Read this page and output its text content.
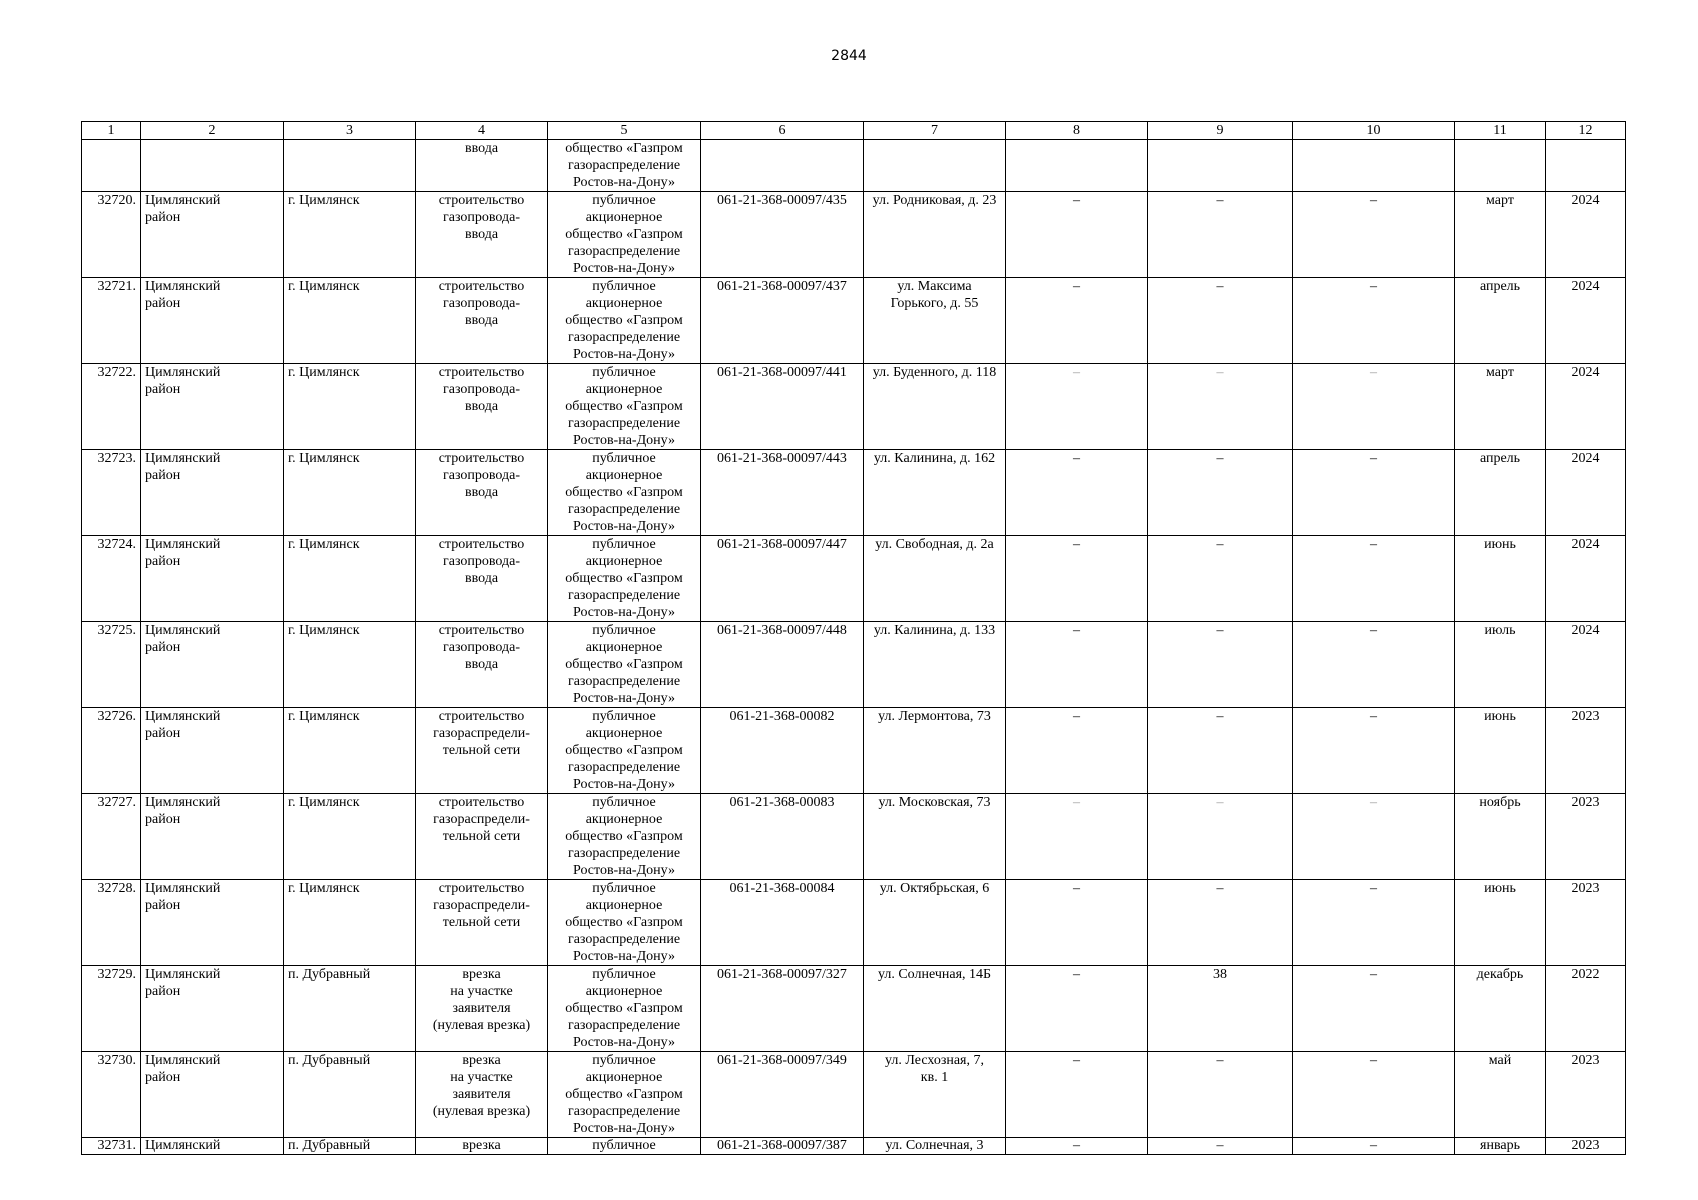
2844
1	2	3	4	5	6	7	8	9	10	11	12
			ввода	общество «Газпром
газораспределение
Ростов-на-Дону»							
32720.	Цимлянский
район	г. Цимлянск	строительство
газопровода-
ввода	публичное
акционерное
общество «Газпром
газораспределение
Ростов-на-Дону»	061-21-368-00097/435	ул. Родниковая, д. 23	–	–	–	март	2024
32721.	Цимлянский
район	г. Цимлянск	строительство
газопровода-
ввода	публичное
акционерное
общество «Газпром
газораспределение
Ростов-на-Дону»	061-21-368-00097/437	ул. Максима
Горького, д. 55	–	–	–	апрель	2024
32722.	Цимлянский
район	г. Цимлянск	строительство
газопровода-
ввода	публичное
акционерное
общество «Газпром
газораспределение
Ростов-на-Дону»	061-21-368-00097/441	ул. Буденного, д. 118	–	–	–	март	2024
32723.	Цимлянский
район	г. Цимлянск	строительство
газопровода-
ввода	публичное
акционерное
общество «Газпром
газораспределение
Ростов-на-Дону»	061-21-368-00097/443	ул. Калинина, д. 162	–	–	–	апрель	2024
32724.	Цимлянский
район	г. Цимлянск	строительство
газопровода-
ввода	публичное
акционерное
общество «Газпром
газораспределение
Ростов-на-Дону»	061-21-368-00097/447	ул. Свободная, д. 2а	–	–	–	июнь	2024
32725.	Цимлянский
район	г. Цимлянск	строительство
газопровода-
ввода	публичное
акционерное
общество «Газпром
газораспределение
Ростов-на-Дону»	061-21-368-00097/448	ул. Калинина, д. 133	–	–	–	июль	2024
32726.	Цимлянский
район	г. Цимлянск	строительство
газораспредели-
тельной сети	публичное
акционерное
общество «Газпром
газораспределение
Ростов-на-Дону»	061-21-368-00082	ул. Лермонтова, 73	–	–	–	июнь	2023
32727.	Цимлянский
район	г. Цимлянск	строительство
газораспредели-
тельной сети	публичное
акционерное
общество «Газпром
газораспределение
Ростов-на-Дону»	061-21-368-00083	ул. Московская, 73	–	–	–	ноябрь	2023
32728.	Цимлянский
район	г. Цимлянск	строительство
газораспредели-
тельной сети	публичное
акционерное
общество «Газпром
газораспределение
Ростов-на-Дону»	061-21-368-00084	ул. Октябрьская, 6	–	–	–	июнь	2023
32729.	Цимлянский
район	п. Дубравный	врезка
на участке
заявителя
(нулевая врезка)	публичное
акционерное
общество «Газпром
газораспределение
Ростов-на-Дону»	061-21-368-00097/327	ул. Солнечная, 14Б	–	38	–	декабрь	2022
32730.	Цимлянский
район	п. Дубравный	врезка
на участке
заявителя
(нулевая врезка)	публичное
акционерное
общество «Газпром
газораспределение
Ростов-на-Дону»	061-21-368-00097/349	ул. Лесхозная, 7,
кв. 1	–	–	–	май	2023
32731.	Цимлянский	п. Дубравный	врезка	публичное	061-21-368-00097/387	ул. Солнечная, 3	–	–	–	январь	2023
